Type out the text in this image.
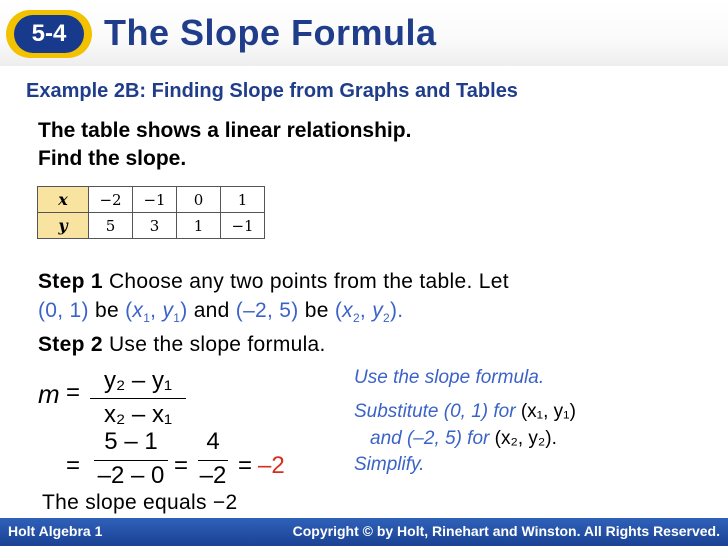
5-4	The Slope Formula
Example 2B: Finding Slope from Graphs and Tables
The table shows a linear relationship.
Find the slope.
x	−2	−1	0	1
y	5	3	1	−1
Step 1 Choose any two points from the table. Let
(0, 1) be ($x_1$, $y_1$) and (–2, 5) be ($x_2$, $y_2$).
Step 2 Use the slope formula.
m = y₂ – y₁
x₂ – x₁
=
5 – 1
–2 – 0 =
4
–2 = –2
Use the slope formula.
Substitute (0, 1) for (x₁, y₁)
and (–2, 5) for (x₂, y₂).
Simplify.
The slope equals −2
Holt Algebra 1	Copyright © by Holt, Rinehart and Winston. All Rights Reserved.
